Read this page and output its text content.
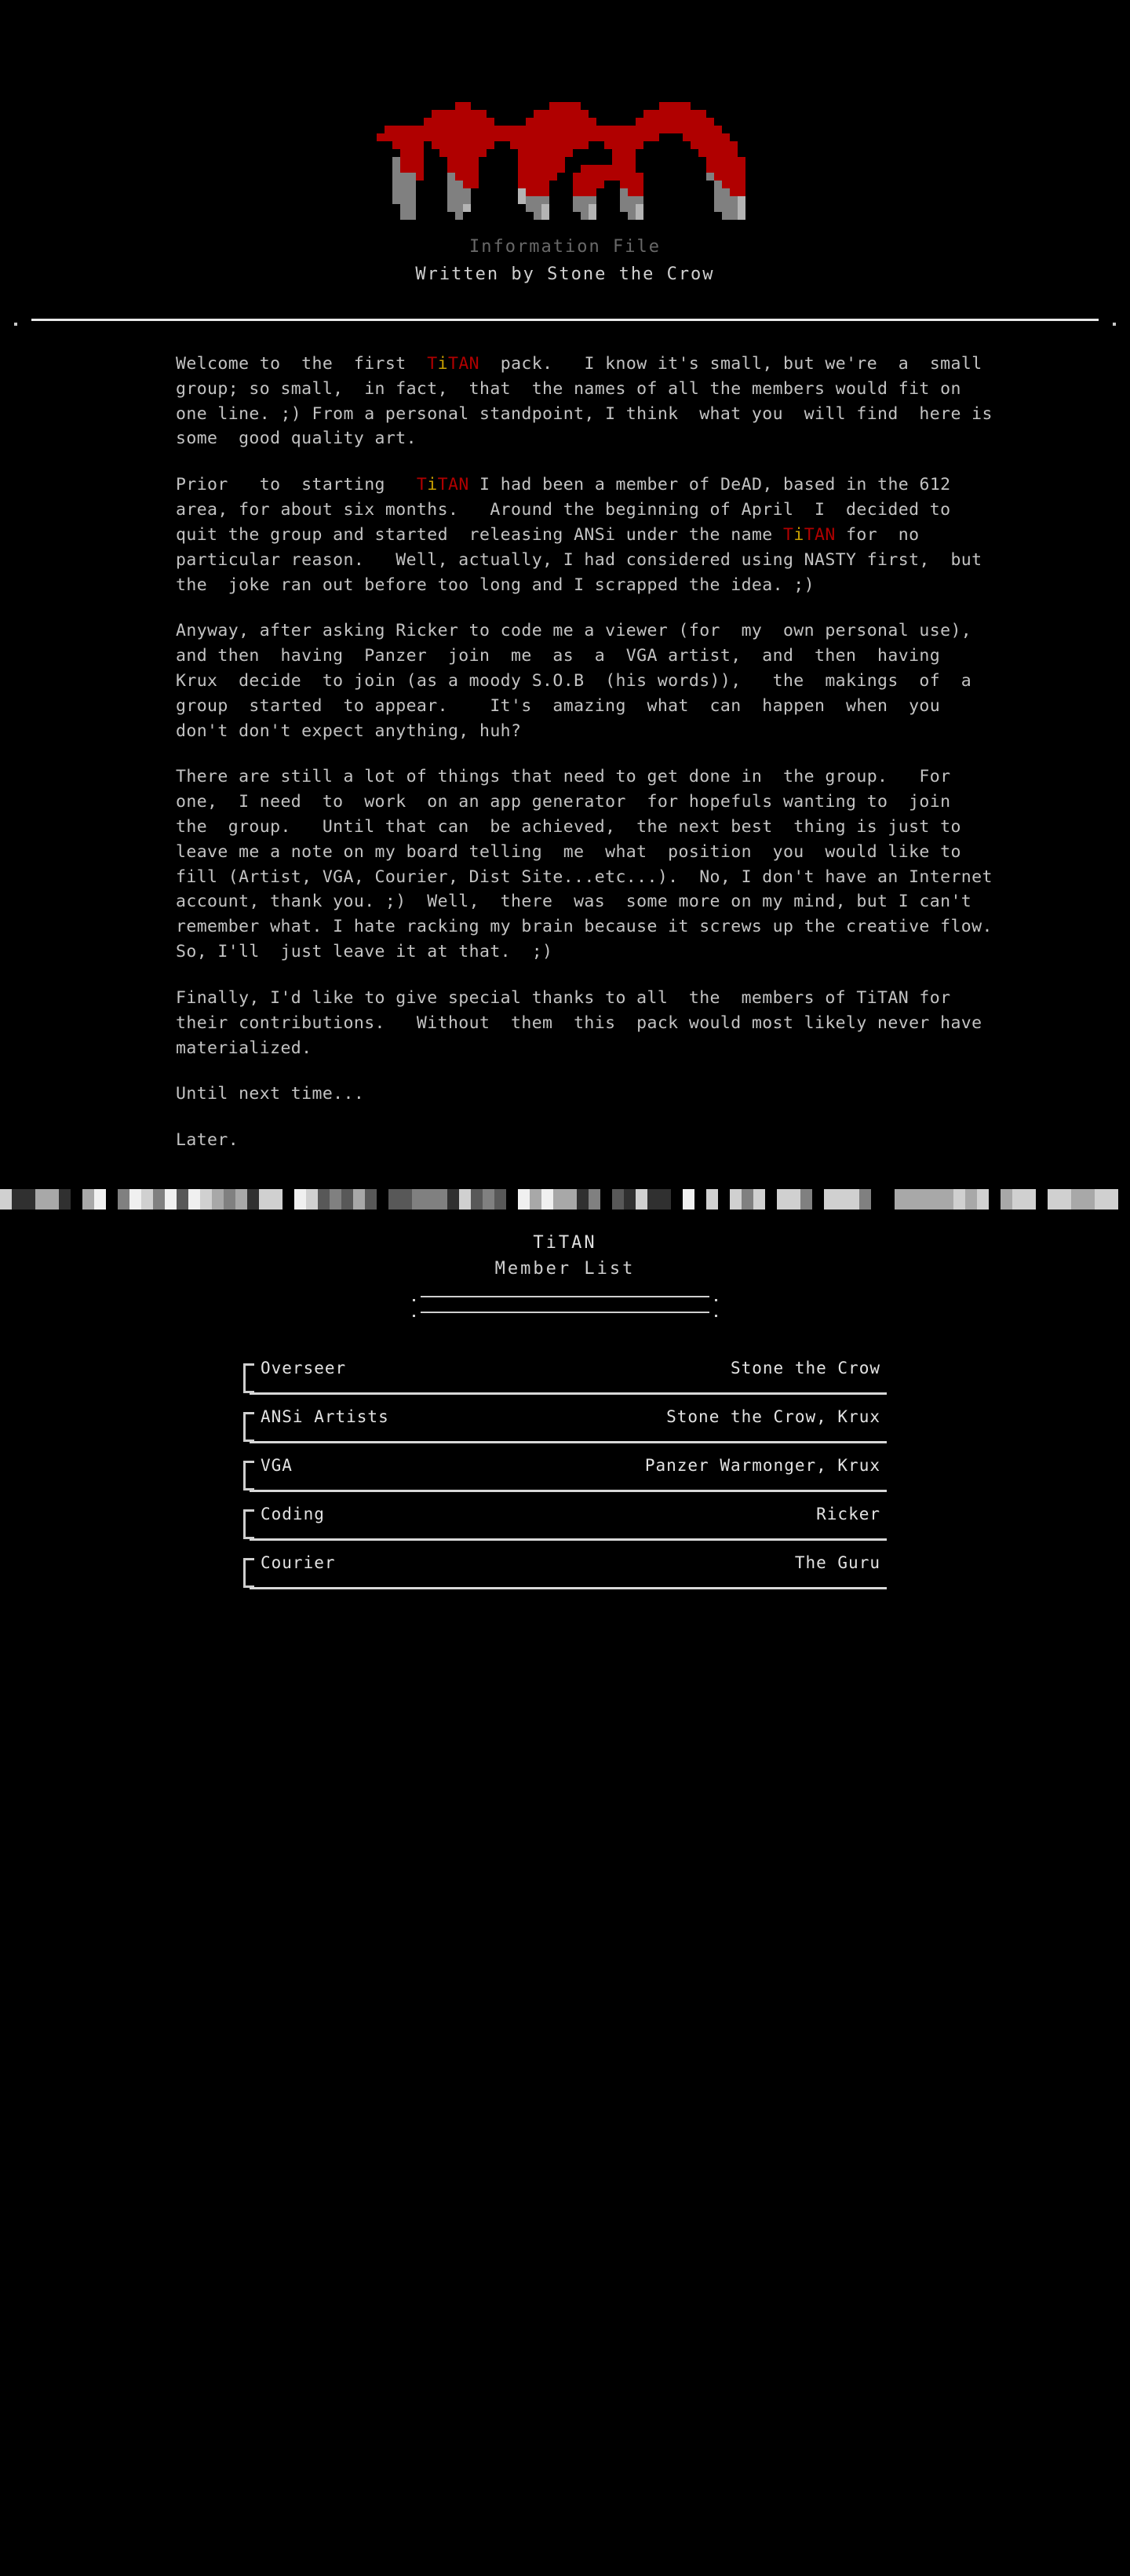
Information File
Written by Stone the Crow
Welcome to  the  first  TiTAN  pack.   I know it's small, but we're  a  small  group; so small,  in fact,  that  the names of all the members would fit on one line. ;) From a personal standpoint, I think  what you  will find  here is  some  good quality art.
Prior   to  starting   TiTAN I had been a member of DeAD, based in the 612 area, for about six months.   Around the beginning of April  I  decided to quit the group and started  releasing ANSi under the name TiTAN for  no  particular reason.   Well, actually, I had considered using NASTY first,  but  the  joke ran out before too long and I scrapped the idea. ;)
Anyway, after asking Ricker to code me a viewer (for  my  own personal use), and then  having  Panzer  join  me  as  a  VGA artist,  and  then  having  Krux  decide  to join (as a moody S.O.B  (his words)),   the  makings  of  a  group  started  to appear.    It's  amazing  what  can  happen  when  you  don't don't expect anything, huh?
There are still a lot of things that need to get done in  the group.   For one,  I need  to  work  on an app generator  for hopefuls wanting to  join  the  group.   Until that can  be achieved,  the next best  thing is just to leave me a note on my board telling  me  what  position  you  would like to fill (Artist, VGA, Courier, Dist Site...etc...).  No, I don't have an Internet account, thank you. ;)  Well,  there  was  some more on my mind, but I can't remember what. I hate racking my brain because it screws up the creative flow. So, I'll  just leave it at that.  ;)
Finally, I'd like to give special thanks to all  the  members of TiTAN for their contributions.   Without  them  this  pack would most likely never have materialized.
Until next time...
Later.
TiTAN
Member List
Overseer	Stone the Crow
ANSi Artists	Stone the Crow, Krux
VGA	Panzer Warmonger, Krux
Coding	Ricker
Courier	The Guru
